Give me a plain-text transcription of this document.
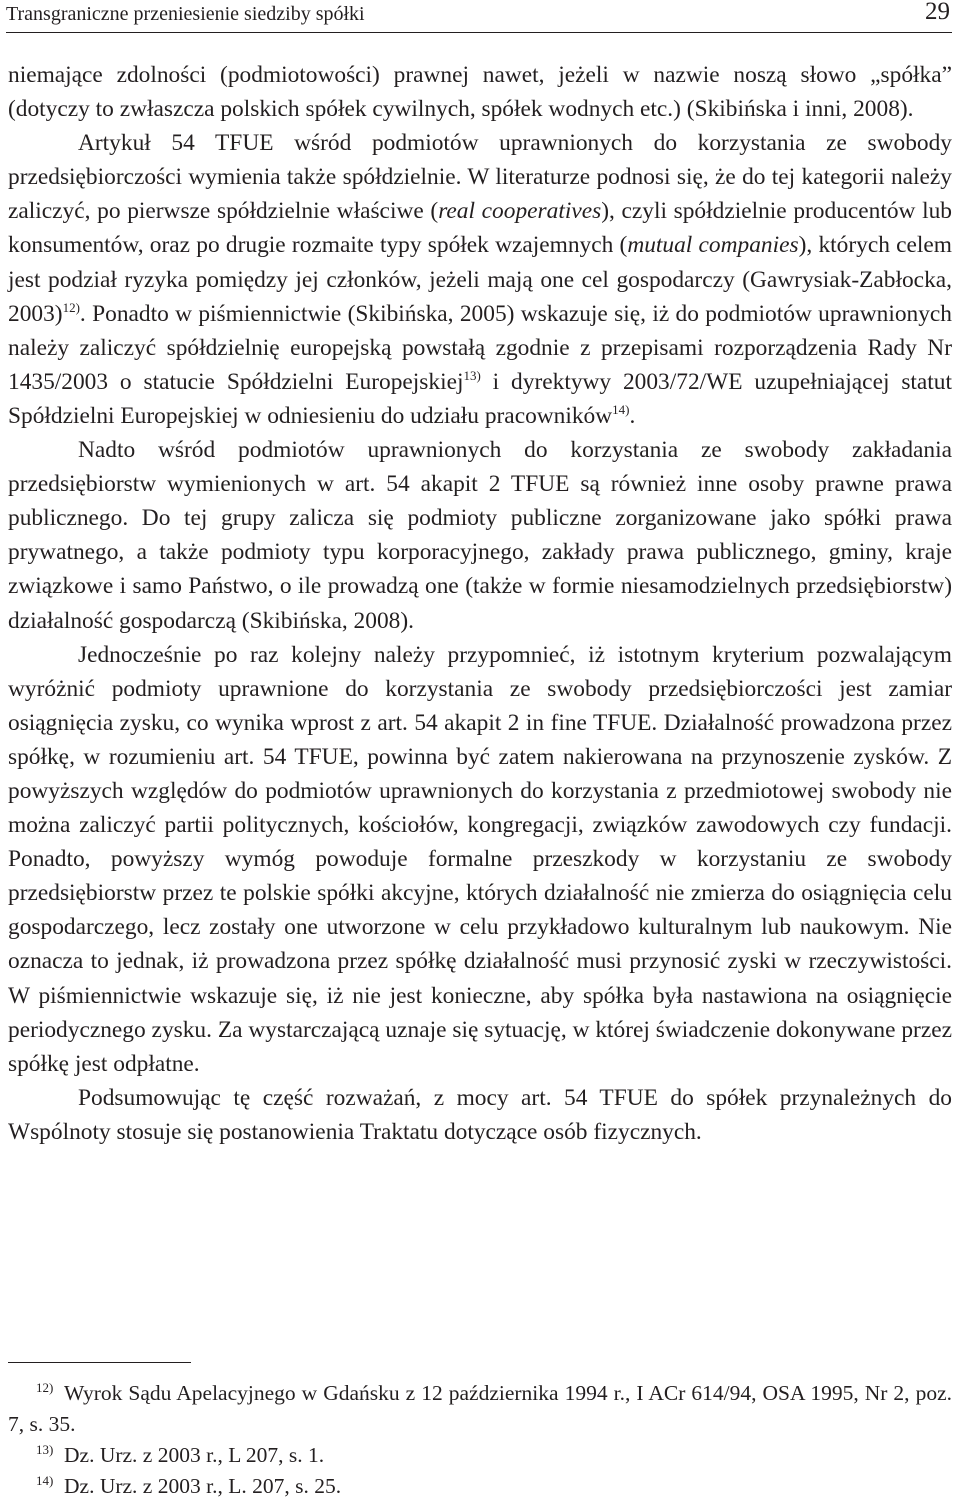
Transgraniczne przeniesienie siedziby spółki	29

niemające zdolności (podmiotowości) prawnej nawet, jeżeli w nazwie noszą słowo „spółka” (dotyczy to zwłaszcza polskich spółek cywilnych, spółek wodnych etc.) (Skibińska i inni, 2008).

Artykuł 54 TFUE wśród podmiotów uprawnionych do korzystania ze swobody przedsiębiorczości wymienia także spółdzielnie. W literaturze podnosi się, że do tej kategorii należy zaliczyć, po pierwsze spółdzielnie właściwe (real cooperatives), czyli spółdzielnie producentów lub konsumentów, oraz po drugie rozmaite typy spółek wzajemnych (mutual companies), których celem jest podział ryzyka pomiędzy jej członków, jeżeli mają one cel gospodarczy (Gawrysiak-Zabłocka, 2003)$^{12)}$. Ponadto w piśmiennictwie (Skibińska, 2005) wskazuje się, iż do podmiotów uprawnionych należy zaliczyć spółdzielnię europejską powstałą zgodnie z przepisami rozporządzenia Rady Nr 1435/2003 o statucie Spółdzielni Europejskiej$^{13)}$ i dyrektywy 2003/72/WE uzupełniającej statut Spółdzielni Europejskiej w odniesieniu do udziału pracowników$^{14)}$.

Nadto wśród podmiotów uprawnionych do korzystania ze swobody zakładania przedsiębiorstw wymienionych w art. 54 akapit 2 TFUE są również inne osoby prawne prawa publicznego. Do tej grupy zalicza się podmioty publiczne zorganizowane jako spółki prawa prywatnego, a także podmioty typu korporacyjnego, zakłady prawa publicznego, gminy, kraje związkowe i samo Państwo, o ile prowadzą one (także w formie niesamodzielnych przedsiębiorstw) działalność gospodarczą (Skibińska, 2008).

Jednocześnie po raz kolejny należy przypomnieć, iż istotnym kryterium pozwalającym wyróżnić podmioty uprawnione do korzystania ze swobody przedsiębiorczości jest zamiar osiągnięcia zysku, co wynika wprost z art. 54 akapit 2 in fine TFUE. Działalność prowadzona przez spółkę, w rozumieniu art. 54 TFUE, powinna być zatem nakierowana na przynoszenie zysków. Z powyższych względów do podmiotów uprawnionych do korzystania z przedmiotowej swobody nie można zaliczyć partii politycznych, kościołów, kongregacji, związków zawodowych czy fundacji. Ponadto, powyższy wymóg powoduje formalne przeszkody w korzystaniu ze swobody przedsiębiorstw przez te polskie spółki akcyjne, których działalność nie zmierza do osiągnięcia celu gospodarczego, lecz zostały one utworzone w celu przykładowo kulturalnym lub naukowym. Nie oznacza to jednak, iż prowadzona przez spółkę działalność musi przynosić zyski w rzeczywistości. W piśmiennictwie wskazuje się, iż nie jest konieczne, aby spółka była nastawiona na osiągnięcie periodycznego zysku. Za wystarczającą uznaje się sytuację, w której świadczenie dokonywane przez spółkę jest odpłatne.

Podsumowując tę część rozważań, z mocy art. 54 TFUE do spółek przynależnych do Wspólnoty stosuje się postanowienia Traktatu dotyczące osób fizycznych.

12) Wyrok Sądu Apelacyjnego w Gdańsku z 12 października 1994 r., I ACr 614/94, OSA 1995, Nr 2, poz. 7, s. 35.

13) Dz. Urz. z 2003 r., L 207, s. 1.

14) Dz. Urz. z 2003 r., L. 207, s. 25.
